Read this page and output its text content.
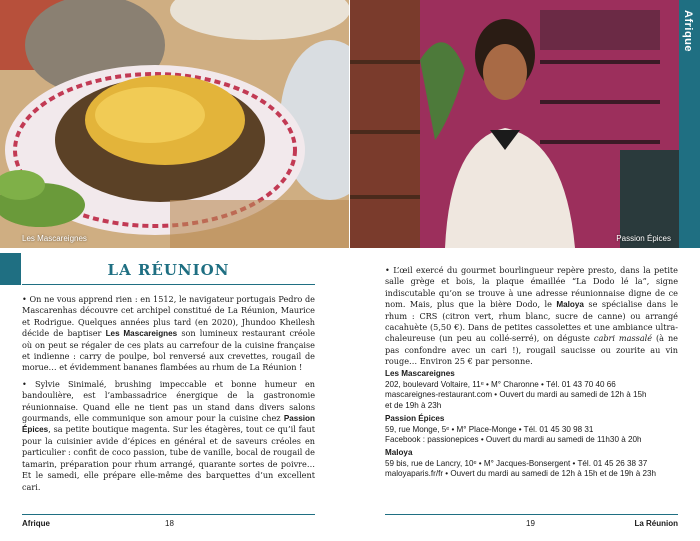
Les Mascareignes	Passion Épices
Afrique
LA RÉUNION

• On ne vous apprend rien : en 1512, le navigateur portugais Pedro de Mascarenhas découvre cet archipel constitué de La Réunion, Maurice et Rodrigue. Quelques années plus tard (en 2020), Jhundoo Kheilesh décide de baptiser Les Mascareignes son lumineux restaurant créole où on peut se régaler de ces plats au carrefour de la cuisine française et indienne : carry de poulpe, bol renversé aux crevettes, rougail de morue… et évidemment bananes flambées au rhum de La Réunion !

• Sylvie Sinimalé, brushing impeccable et bonne humeur en bandoulière, est l’ambassadrice énergique de la gastronomie réunionnaise. Quand elle ne tient pas un stand dans divers salons gourmands, elle communique son amour pour la cuisine chez Passion Épices, sa petite boutique magenta. Sur les étagères, tout ce qu’il faut pour la cuisinier avide d’épices en général et de saveurs créoles en particulier : confit de coco passion, tube de vanille, bocal de rougail de tamarin, préparation pour rhum arrangé, quarante sortes de poivre… Et le samedi, elle prépare elle-même des barquettes d’un excellent cari.

• L’œil exercé du gourmet bourlingueur repère presto, dans la petite salle grège et bois, la plaque émaillée “La Dodo lé la”, signe indiscutable qu’on se trouve à une adresse réunionnaise digne de ce nom. Mais, plus que la bière Dodo, le Maloya se spécialise dans le rhum : CRS (citron vert, rhum blanc, sucre de canne) ou arrangé cacahuète (5,50 €). Dans de petites cassolettes et une ambiance ultra-chaleureuse (un peu au collé-serré), on déguste cabri massalé (à ne pas confondre avec un cari !), rougail saucisse ou zourite au vin rouge… Environ 25 € par personne.

Les Mascareignes
202, boulevard Voltaire, 11ᵉ • M° Charonne • Tél. 01 43 70 40 66
mascareignes-restaurant.com • Ouvert du mardi au samedi de 12h à 15h
et de 19h à 23h
Passion Épices
59, rue Monge, 5ᵉ • M° Place-Monge • Tél. 01 45 30 98 31
Facebook : passionepices • Ouvert du mardi au samedi de 11h30 à 20h
Maloya
59 bis, rue de Lancry, 10ᵉ • M° Jacques-Bonsergent • Tél. 01 45 26 38 37
maloyaparis.fr/fr • Ouvert du mardi au samedi de 12h à 15h et de 19h à 23h
Afrique	18	19	La Réunion
